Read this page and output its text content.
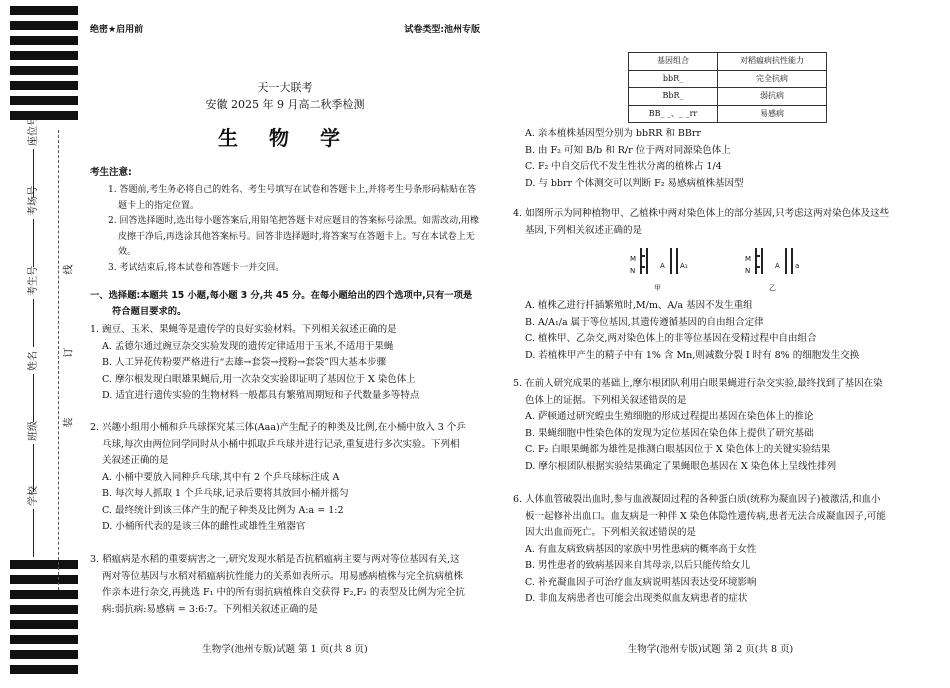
座位号
考场号
考生号
姓名
班级
学校
线
订
装
绝密★启用前	试卷类型:池州专版
天一大联考
安徽 2025 年 9 月高二秋季检测
生 物 学
考生注意:

1. 答题前,考生务必将自己的姓名、考生号填写在试卷和答题卡上,并将考生号条形码粘贴在答题卡上的指定位置。

2. 回答选择题时,选出每小题答案后,用铅笔把答题卡对应题目的答案标号涂黑。如需改动,用橡皮擦干净后,再选涂其他答案标号。回答非选择题时,将答案写在答题卡上。写在本试卷上无效。

3. 考试结束后,将本试卷和答题卡一并交回。

一、选择题:本题共 15 小题,每小题 3 分,共 45 分。在每小题给出的四个选项中,只有一项是
符合题目要求的。

1. 豌豆、玉米、果蝇等是遗传学的良好实验材料。下列相关叙述正确的是

A. 孟德尔通过豌豆杂交实验发现的遗传定律适用于玉米,不适用于果蝇

B. 人工异花传粉要严格进行“去雄→套袋→授粉→套袋”四大基本步骤

C. 摩尔根发现白眼雄果蝇后,用一次杂交实验即证明了基因位于 X 染色体上

D. 适宜进行遗传实验的生物材料一般都具有繁殖周期短和子代数量多等特点

2. 兴趣小组用小桶和乒乓球探究某三体(Aaa)产生配子的种类及比例,在小桶中放入 3 个乒

乓球,每次由两位同学同时从小桶中抓取乒乓球并进行记录,重复进行多次实验。下列相

关叙述正确的是

A. 小桶中要放入同种乒乓球,其中有 2 个乒乓球标注成 A

B. 每次每人抓取 1 个乒乓球,记录后要将其放回小桶并摇匀

C. 最终统计到该三体产生的配子种类及比例为 A:a = 1:2

D. 小桶所代表的是该三体的雌性或雄性生殖器官

3. 稻瘟病是水稻的重要病害之一,研究发现水稻是否抗稻瘟病主要与两对等位基因有关,这

两对等位基因与水稻对稻瘟病抗性能力的关系如表所示。用易感病植株与完全抗病植株

作亲本进行杂交,再挑选 F₁ 中的所有弱抗病植株自交获得 F₂,F₂ 的表型及比例为完全抗

病:弱抗病:易感病 = 3:6:7。下列相关叙述正确的是

生物学(池州专版)试题 第 1 页(共 8 页)
基因组合	对稻瘟病抗性能力
bbR_	完全抗病
BbR_	弱抗病
BB_ _、_ _rr	易感病

A. 亲本植株基因型分别为 bbRR 和 BBrr

B. 由 F₂ 可知 B/b 和 R/r 位于两对同源染色体上

C. F₂ 中自交后代不发生性状分离的植株占 1/4

D. 与 bbrr 个体测交可以判断 F₂ 易感病植株基因型

4. 如图所示为同种植物甲、乙植株中两对染色体上的部分基因,只考虑这两对染色体及这些

基因,下列相关叙述正确的是

M
N
A A₁
甲
M
N
A a
乙

A. 植株乙进行扦插繁殖时,M/m、A/a 基因不发生重组

B. A/A₁/a 属于等位基因,其遗传遵循基因的自由组合定律

C. 植株甲、乙杂交,两对染色体上的非等位基因在受精过程中自由组合

D. 若植株甲产生的精子中有 1% 含 Mn,则减数分裂 I 时有 8% 的细胞发生交换

5. 在前人研究成果的基础上,摩尔根团队利用白眼果蝇进行杂交实验,最终找到了基因在染

色体上的证据。下列相关叙述错误的是

A. 萨顿通过研究蝗虫生殖细胞的形成过程提出基因在染色体上的推论

B. 果蝇细胞中性染色体的发现为定位基因在染色体上提供了研究基础

C. F₂ 白眼果蝇都为雄性是推测白眼基因位于 X 染色体上的关键实验结果

D. 摩尔根团队根据实验结果确定了果蝇眼色基因在 X 染色体上呈线性排列

6. 人体血管破裂出血时,参与血液凝固过程的各种蛋白质(统称为凝血因子)被激活,和血小

板一起修补出血口。血友病是一种伴 X 染色体隐性遗传病,患者无法合成凝血因子,可能

因大出血而死亡。下列相关叙述错误的是

A. 有血友病致病基因的家族中男性患病的概率高于女性

B. 男性患者的致病基因来自其母亲,以后只能传给女儿

C. 补充凝血因子可治疗血友病说明基因表达受环境影响

D. 非血友病患者也可能会出现类似血友病患者的症状

生物学(池州专版)试题 第 2 页(共 8 页)
